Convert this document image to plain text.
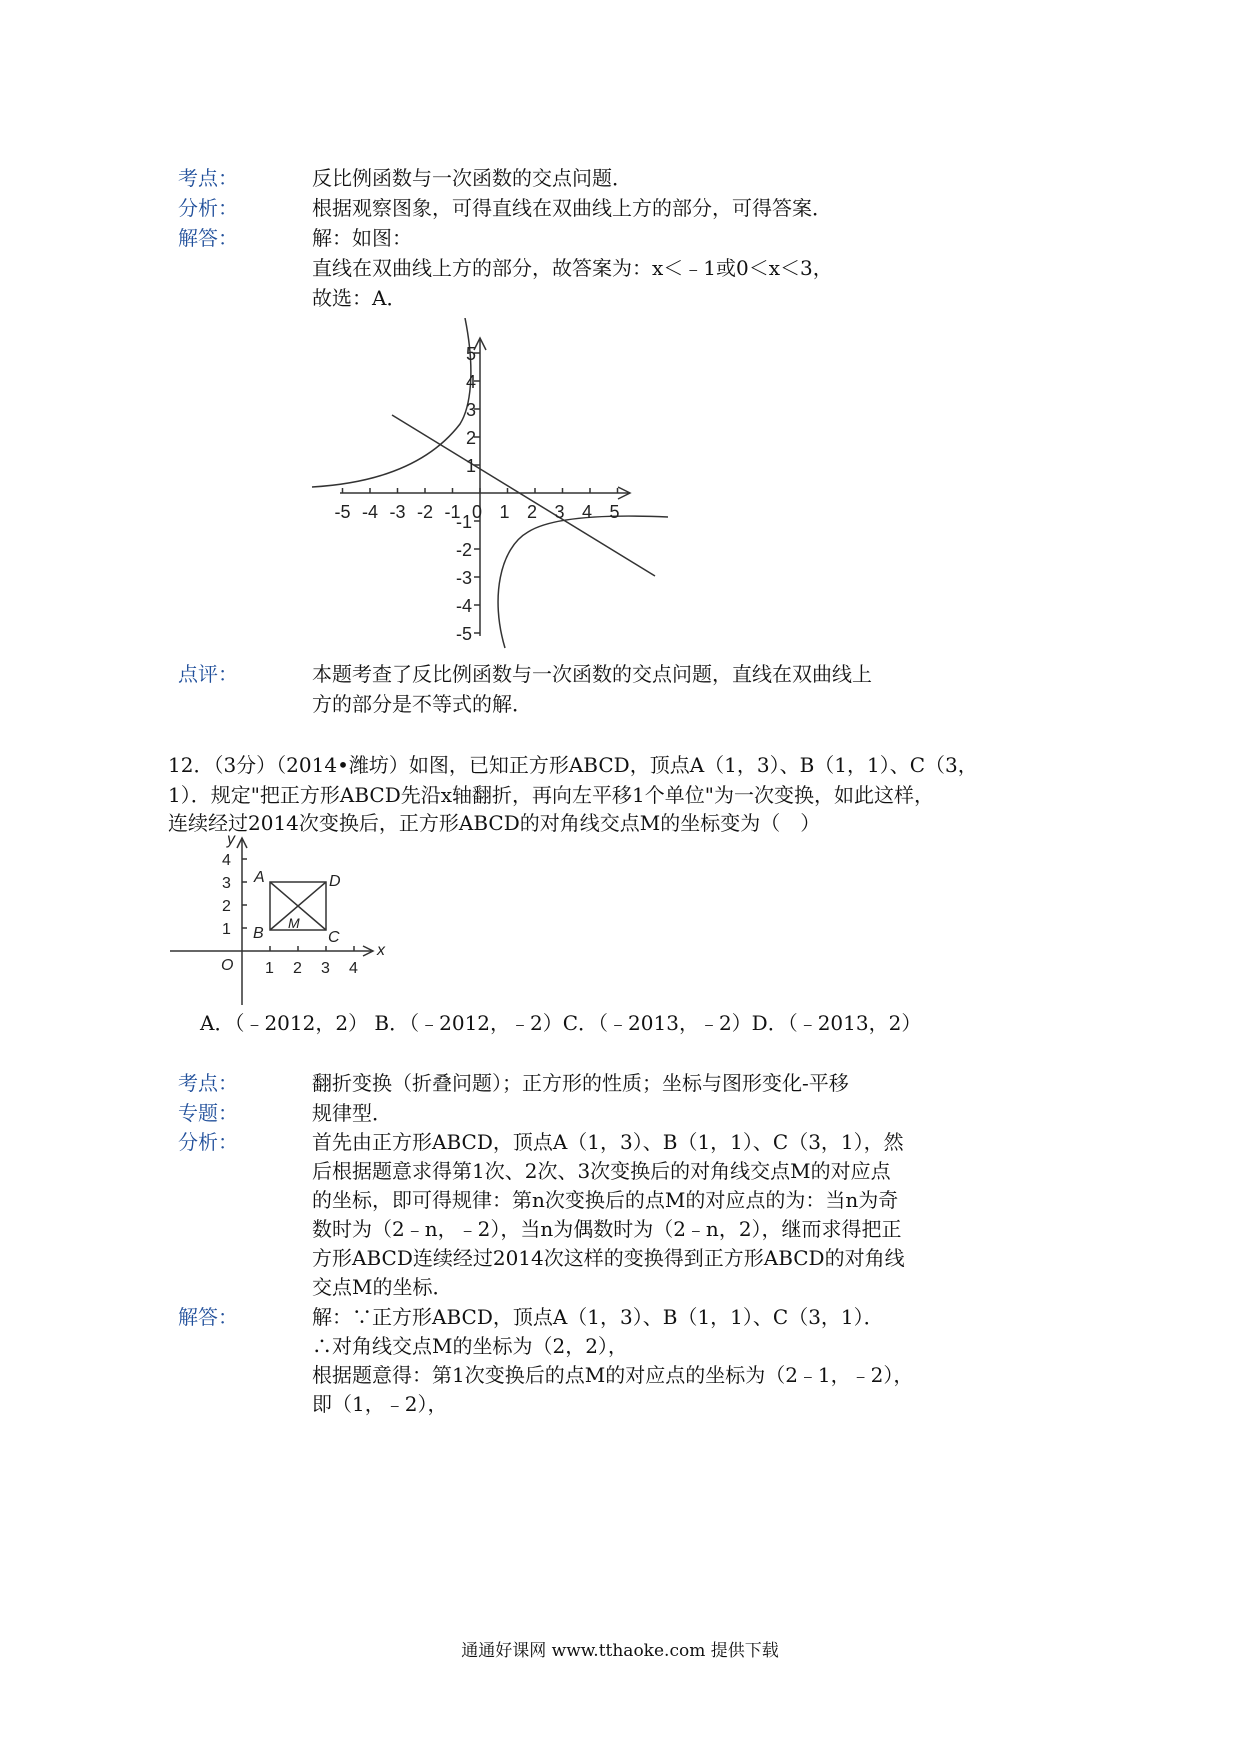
考点：	反比例函数与一次函数的交点问题．
分析：	根据观察图象，可得直线在双曲线上方的部分，可得答案．
解答：	解：如图：
直线在双曲线上方的部分，故答案为：x＜﹣1或0＜x＜3，
故选：A．
-5 -4 -3 -2 -1 0 1 2 3 4 5
5
4
3
2
1
-1
-2
-3
-4
-5
点评：	本题考查了反比例函数与一次函数的交点问题，直线在双曲线上
方的部分是不等式的解．
12．（3分）（2014•潍坊）如图，已知正方形ABCD，顶点A（1，3）、B（1，1）、C（3，
1）．规定"把正方形ABCD先沿x轴翻折，再向左平移1个单位"为一次变换，如此这样，
连续经过2014次变换后，正方形ABCD的对角线交点M的坐标变为（　）
1 2 3 4
4
3
2
1
x
y
O
A	D
B	C
M
A．（﹣2012，2） B．（﹣2012，﹣2）C．（﹣2013，﹣2）D．（﹣2013，2）
考点：	翻折变换（折叠问题）；正方形的性质；坐标与图形变化-平移
专题：	规律型．
分析：	首先由正方形ABCD，顶点A（1，3）、B（1，1）、C（3，1），然
后根据题意求得第1次、2次、3次变换后的对角线交点M的对应点
的坐标，即可得规律：第n次变换后的点M的对应点的为：当n为奇
数时为（2﹣n，﹣2），当n为偶数时为（2﹣n，2），继而求得把正
方形ABCD连续经过2014次这样的变换得到正方形ABCD的对角线
交点M的坐标．
解答：	解：∵正方形ABCD，顶点A（1，3）、B（1，1）、C（3，1）．
∴对角线交点M的坐标为（2，2），
根据题意得：第1次变换后的点M的对应点的坐标为（2﹣1，﹣2），
即（1，﹣2），
通通好课网 www.tthaoke.com 提供下载
